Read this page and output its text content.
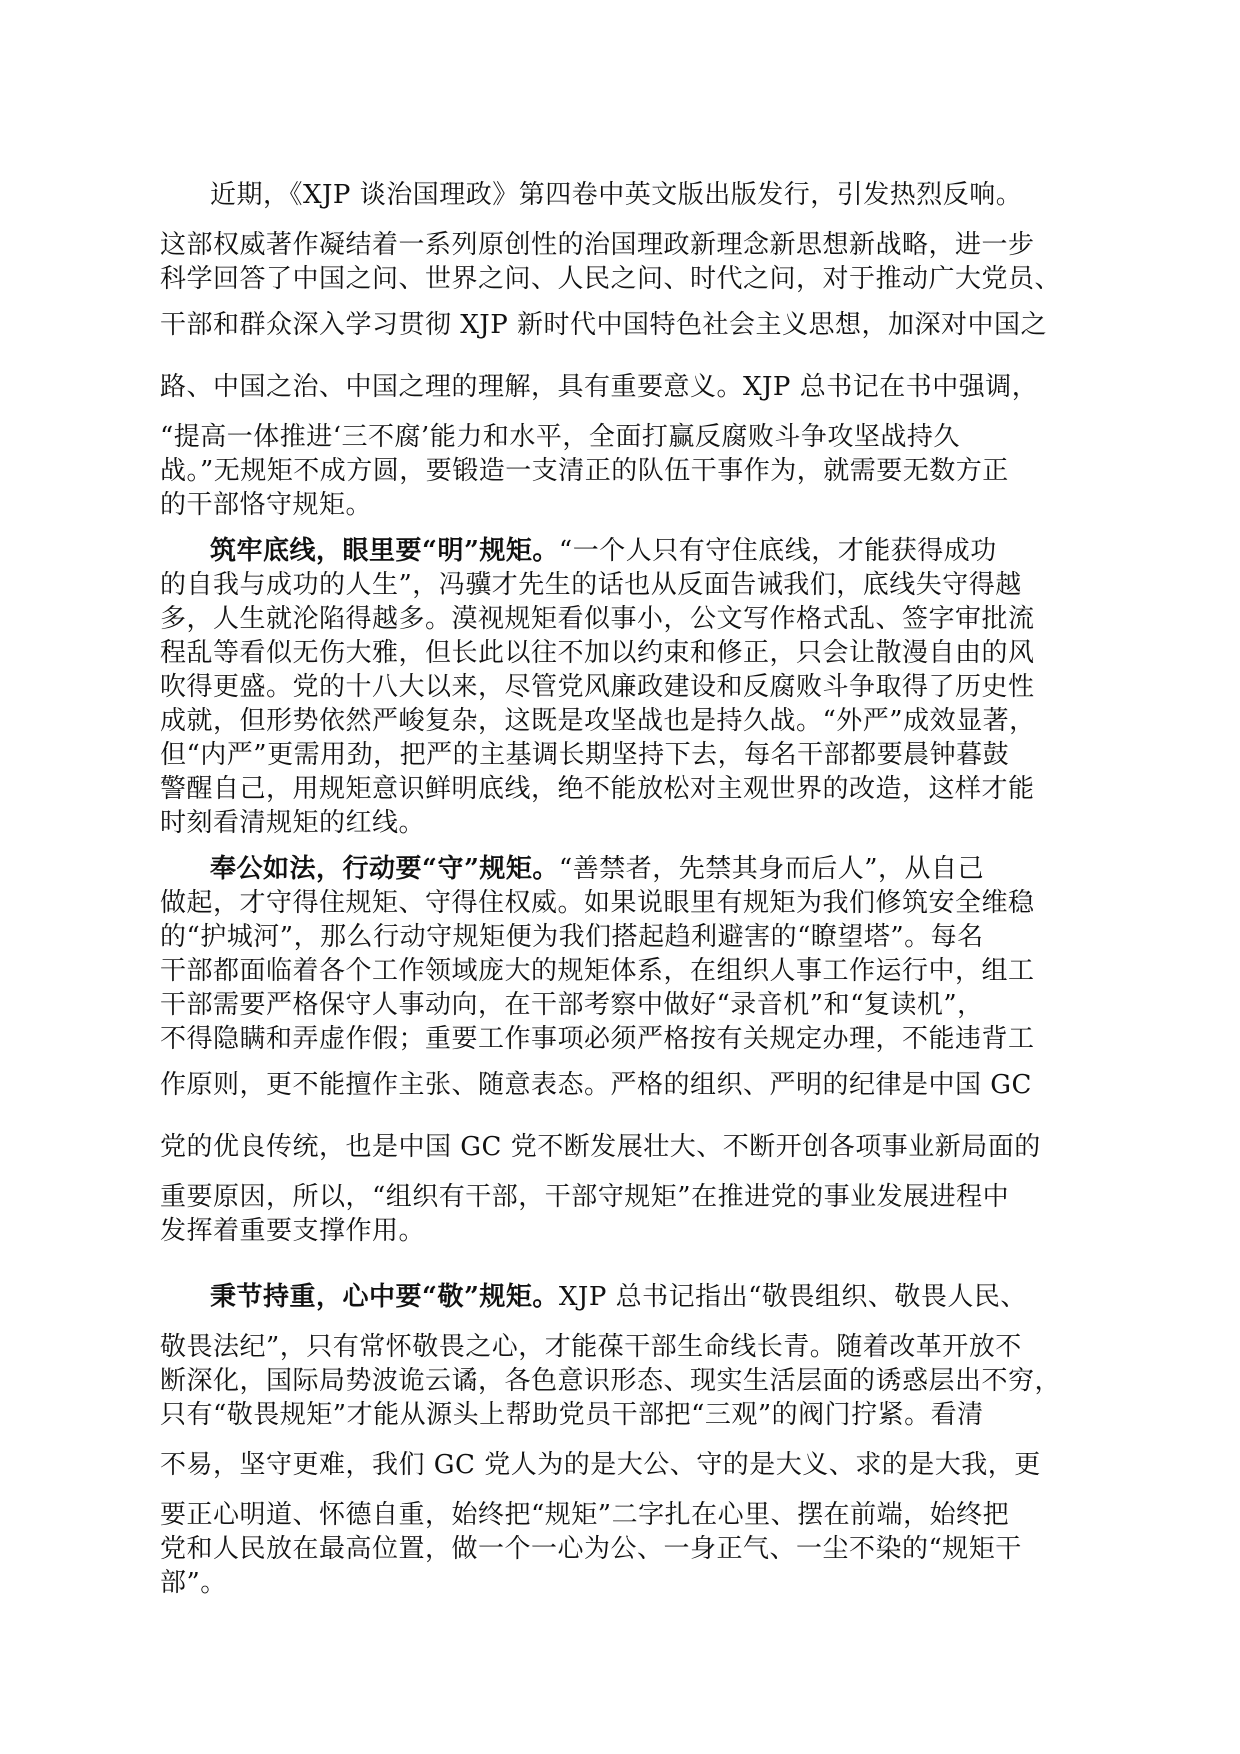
近期，《XJP 谈治国理政》第四卷中英文版出版发行，引发热烈反响。
这部权威著作凝结着一系列原创性的治国理政新理念新思想新战略，进一步
科学回答了中国之问、世界之问、人民之问、时代之问，对于推动广大党员、
干部和群众深入学习贯彻 XJP 新时代中国特色社会主义思想，加深对中国之
路、中国之治、中国之理的理解，具有重要意义。XJP 总书记在书中强调，
“提高一体推进‘三不腐’能力和水平，全面打赢反腐败斗争攻坚战持久
战。”无规矩不成方圆，要锻造一支清正的队伍干事作为，就需要无数方正
的干部恪守规矩。
筑牢底线，眼里要“明”规矩。“一个人只有守住底线，才能获得成功
的自我与成功的人生”，冯骥才先生的话也从反面告诫我们，底线失守得越
多，人生就沦陷得越多。漠视规矩看似事小，公文写作格式乱、签字审批流
程乱等看似无伤大雅，但长此以往不加以约束和修正，只会让散漫自由的风
吹得更盛。党的十八大以来，尽管党风廉政建设和反腐败斗争取得了历史性
成就，但形势依然严峻复杂，这既是攻坚战也是持久战。“外严”成效显著，
但“内严”更需用劲，把严的主基调长期坚持下去，每名干部都要晨钟暮鼓
警醒自己，用规矩意识鲜明底线，绝不能放松对主观世界的改造，这样才能
时刻看清规矩的红线。
奉公如法，行动要“守”规矩。“善禁者，先禁其身而后人”，从自己
做起，才守得住规矩、守得住权威。如果说眼里有规矩为我们修筑安全维稳
的“护城河”，那么行动守规矩便为我们搭起趋利避害的“瞭望塔”。每名
干部都面临着各个工作领域庞大的规矩体系，在组织人事工作运行中，组工
干部需要严格保守人事动向，在干部考察中做好“录音机”和“复读机”，
不得隐瞒和弄虚作假；重要工作事项必须严格按有关规定办理，不能违背工
作原则，更不能擅作主张、随意表态。严格的组织、严明的纪律是中国 GC
党的优良传统，也是中国 GC 党不断发展壮大、不断开创各项事业新局面的
重要原因，所以，“组织有干部，干部守规矩”在推进党的事业发展进程中
发挥着重要支撑作用。
秉节持重，心中要“敬”规矩。XJP 总书记指出“敬畏组织、敬畏人民、
敬畏法纪”，只有常怀敬畏之心，才能葆干部生命线长青。随着改革开放不
断深化，国际局势波诡云谲，各色意识形态、现实生活层面的诱惑层出不穷，
只有“敬畏规矩”才能从源头上帮助党员干部把“三观”的阀门拧紧。看清
不易，坚守更难，我们 GC 党人为的是大公、守的是大义、求的是大我，更
要正心明道、怀德自重，始终把“规矩”二字扎在心里、摆在前端，始终把
党和人民放在最高位置，做一个一心为公、一身正气、一尘不染的“规矩干
部”。
